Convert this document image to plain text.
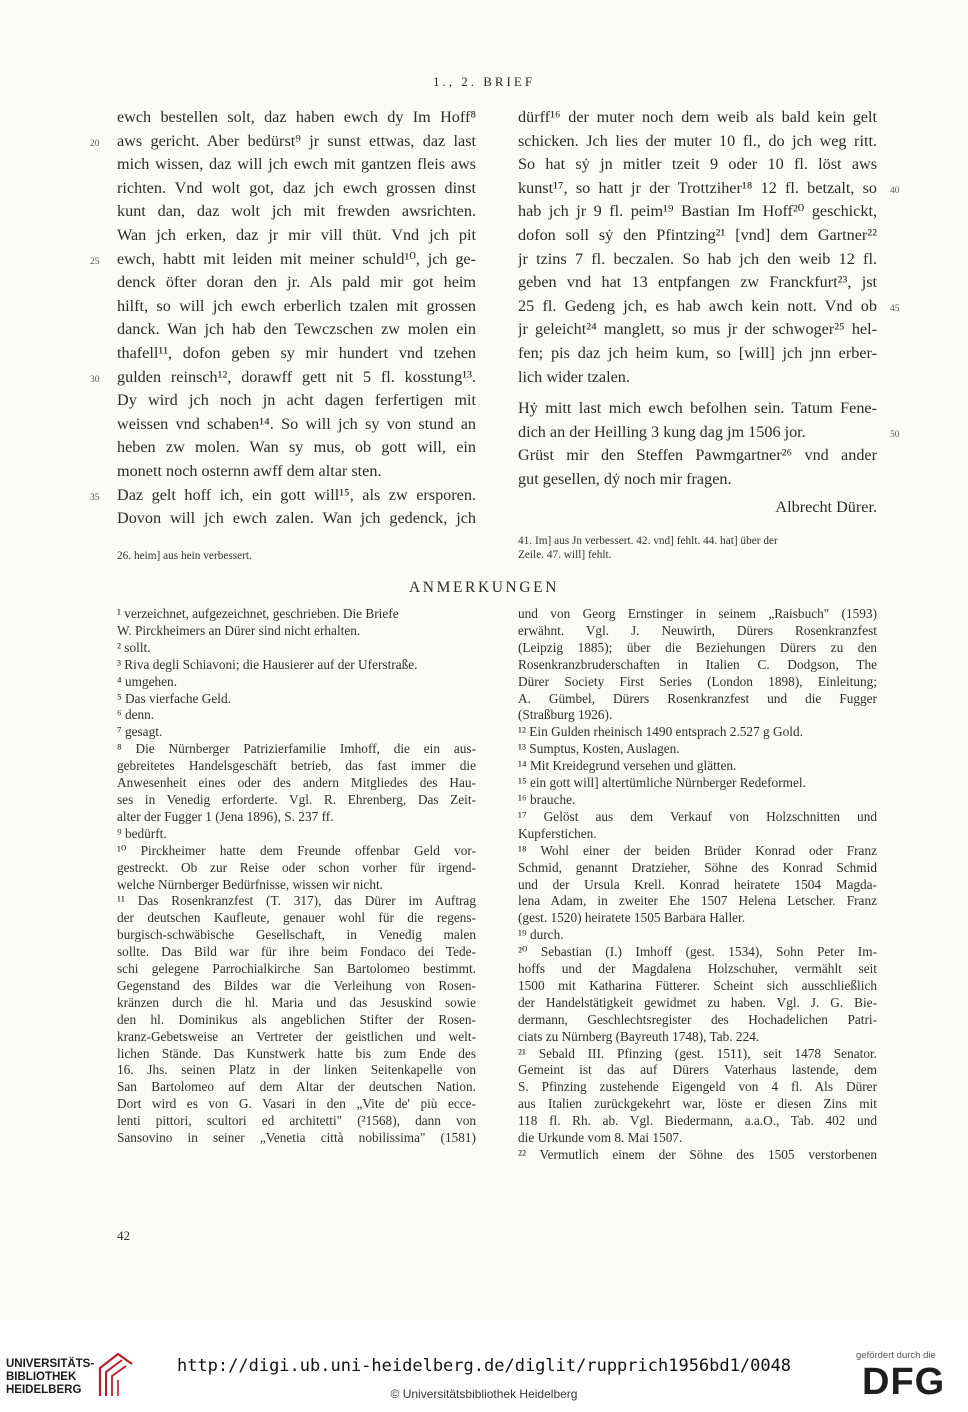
1., 2. BRIEF
ewch bestellen solt, daz haben ewch dy Im Hoff⁸
aws gericht. Aber bedürst⁹ jr sunst ettwas, daz last
mich wissen, daz will jch ewch mit gantzen fleis aws
richten. Vnd wolt got, daz jch ewch grossen dinst
kunt dan, daz wolt jch mit frewden awsrichten.
Wan jch erken, daz jr mir vill thüt. Vnd jch pit
ewch, habtt mit leiden mit meiner schuld¹⁰, jch ge-
denck öfter doran den jr. Als pald mir got heim
hilft, so will jch ewch erberlich tzalen mit grossen
danck. Wan jch hab den Tewczschen zw molen ein
thafell¹¹, dofon geben sy mir hundert vnd tzehen
gulden reinsch¹², dorawff gett nit 5 fl. kosstung¹³.
Dy wird jch noch jn acht dagen ferfertigen mit
weissen vnd schaben¹⁴. So will jch sy von stund an
heben zw molen. Wan sy mus, ob gott will, ein
monett noch osternn awff dem altar sten.
Daz gelt hoff ich, ein gott will¹⁵, als zw ersporen.
Dovon will jch ewch zalen. Wan jch gedenck, jch
20
25
30
35
26. heim] aus hein verbessert.
dürff¹⁶ der muter noch dem weib als bald kein gelt
schicken. Jch lies der muter 10 fl., do jch weg ritt.
So hat sẏ jn mitler tzeit 9 oder 10 fl. löst aws
kunst¹⁷, so hatt jr der Trottziher¹⁸ 12 fl. betzalt, so
hab jch jr 9 fl. peim¹⁹ Bastian Im Hoff²⁰ geschickt,
dofon soll sẏ den Pfintzing²¹ [vnd] dem Gartner²²
jr tzins 7 fl. beczalen. So hab jch den weib 12 fl.
geben vnd hat 13 entpfangen zw Franckfurt²³, jst
25 fl. Gedeng jch, es hab awch kein nott. Vnd ob
jr geleicht²⁴ manglett, so mus jr der schwoger²⁵ hel-
fen; pis daz jch heim kum, so [will] jch jnn erber-
lich wider tzalen.
Hẏ mitt last mich ewch befolhen sein. Tatum Fene-
dich an der Heilling 3 kung dag jm 1506 jor.
Grüst mir den Steffen Pawmgartner²⁶ vnd ander
gut gesellen, dẏ noch mir fragen.
Albrecht Dürer.
40
45
50
41. Im] aus Jn verbessert. 42. vnd] fehlt. 44. hat] über der
Zeile. 47. will] fehlt.
ANMERKUNGEN
¹ verzeichnet, aufgezeichnet, geschrieben. Die Briefe
W. Pirckheimers an Dürer sind nicht erhalten.
² sollt.
³ Riva degli Schiavoni; die Hausierer auf der Uferstraße.
⁴ umgehen.
⁵ Das vierfache Geld.
⁶ denn.
⁷ gesagt.
⁸ Die Nürnberger Patrizierfamilie Imhoff, die ein aus-
gebreitetes Handelsgeschäft betrieb, das fast immer die
Anwesenheit eines oder des andern Mitgliedes des Hau-
ses in Venedig erforderte. Vgl. R. Ehrenberg, Das Zeit-
alter der Fugger 1 (Jena 1896), S. 237 ff.
⁹ bedürft.
¹⁰ Pirckheimer hatte dem Freunde offenbar Geld vor-
gestreckt. Ob zur Reise oder schon vorher für irgend-
welche Nürnberger Bedürfnisse, wissen wir nicht.
¹¹ Das Rosenkranzfest (T. 317), das Dürer im Auftrag
der deutschen Kaufleute, genauer wohl für die regens-
burgisch-schwäbische Gesellschaft, in Venedig malen
sollte. Das Bild war für ihre beim Fondaco dei Tede-
schi gelegene Parrochialkirche San Bartolomeo bestimmt.
Gegenstand des Bildes war die Verleihung von Rosen-
kränzen durch die hl. Maria und das Jesuskind sowie
den hl. Dominikus als angeblichen Stifter der Rosen-
kranz-Gebetsweise an Vertreter der geistlichen und welt-
lichen Stände. Das Kunstwerk hatte bis zum Ende des
16. Jhs. seinen Platz in der linken Seitenkapelle von
San Bartolomeo auf dem Altar der deutschen Nation.
Dort wird es von G. Vasari in den „Vite de' più ecce-
lenti pittori, scultori ed architetti" (²1568), dann von
Sansovino in seiner „Venetia città nobilissima" (1581)
und von Georg Ernstinger in seinem „Raisbuch" (1593)
erwähnt. Vgl. J. Neuwirth, Dürers Rosenkranzfest
(Leipzig 1885); über die Beziehungen Dürers zu den
Rosenkranzbruderschaften in Italien C. Dodgson, The
Dürer Society First Series (London 1898), Einleitung;
A. Gümbel, Dürers Rosenkranzfest und die Fugger
(Straßburg 1926).
¹² Ein Gulden rheinisch 1490 entsprach 2.527 g Gold.
¹³ Sumptus, Kosten, Auslagen.
¹⁴ Mit Kreidegrund versehen und glätten.
¹⁵ ein gott will] altertümliche Nürnberger Redeformel.
¹⁶ brauche.
¹⁷ Gelöst aus dem Verkauf von Holzschnitten und
Kupferstichen.
¹⁸ Wohl einer der beiden Brüder Konrad oder Franz
Schmid, genannt Dratzieher, Söhne des Konrad Schmid
und der Ursula Krell. Konrad heiratete 1504 Magda-
lena Adam, in zweiter Ehe 1507 Helena Letscher. Franz
(gest. 1520) heiratete 1505 Barbara Haller.
¹⁹ durch.
²⁰ Sebastian (I.) Imhoff (gest. 1534), Sohn Peter Im-
hoffs und der Magdalena Holzschuher, vermählt seit
1500 mit Katharina Fütterer. Scheint sich ausschließlich
der Handelstätigkeit gewidmet zu haben. Vgl. J. G. Bie-
dermann, Geschlechtsregister des Hochadelichen Patri-
ciats zu Nürnberg (Bayreuth 1748), Tab. 224.
²¹ Sebald III. Pfinzing (gest. 1511), seit 1478 Senator.
Gemeint ist das auf Dürers Vaterhaus lastende, dem
S. Pfinzing zustehende Eigengeld von 4 fl. Als Dürer
aus Italien zurückgekehrt war, löste er diesen Zins mit
118 fl. Rh. ab. Vgl. Biedermann, a.a.O., Tab. 402 und
die Urkunde vom 8. Mai 1507.
²² Vermutlich einem der Söhne des 1505 verstorbenen
42
UNIVERSITÄTS-
BIBLIOTHEK
HEIDELBERG
http://digi.ub.uni-heidelberg.de/diglit/rupprich1956bd1/0048
© Universitätsbibliothek Heidelberg
gefördert durch die
DFG
